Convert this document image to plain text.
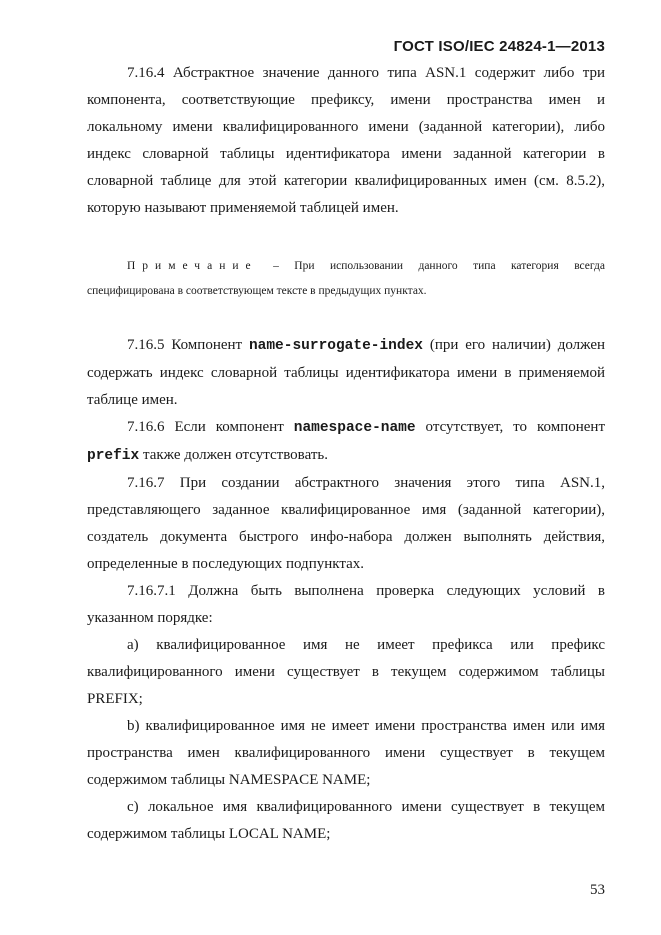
ГОСТ ISO/IEC 24824-1—2013

7.16.4 Абстрактное значение данного типа ASN.1 содержит либо три компонента, соответствующие префиксу, имени пространства имен и локальному имени квалифицированного имени (заданной категории), либо индекс словарной таблицы идентификатора имени заданной категории в словарной таблице для этой категории квалифицированных имен (см. 8.5.2), которую называют применяемой таблицей имен.

Примечание – При использовании данного типа категория всегда специфицирована в соответствующем тексте в предыдущих пунктах.

7.16.5 Компонент name-surrogate-index (при его наличии) должен содержать индекс словарной таблицы идентификатора имени в применяемой таблице имен.

7.16.6 Если компонент namespace-name отсутствует, то компонент prefix также должен отсутствовать.

7.16.7 При создании абстрактного значения этого типа ASN.1, представляющего заданное квалифицированное имя (заданной категории), создатель документа быстрого инфо-набора должен выполнять действия, определенные в последующих подпунктах.

7.16.7.1 Должна быть выполнена проверка следующих условий в указанном порядке:

a) квалифицированное имя не имеет префикса или префикс квалифицированного имени существует в текущем содержимом таблицы PREFIX;

b) квалифицированное имя не имеет имени пространства имен или имя пространства имен квалифицированного имени существует в текущем содержимом таблицы NAMESPACE NAME;

c) локальное имя квалифицированного имени существует в текущем содержимом таблицы LOCAL NAME;

53
